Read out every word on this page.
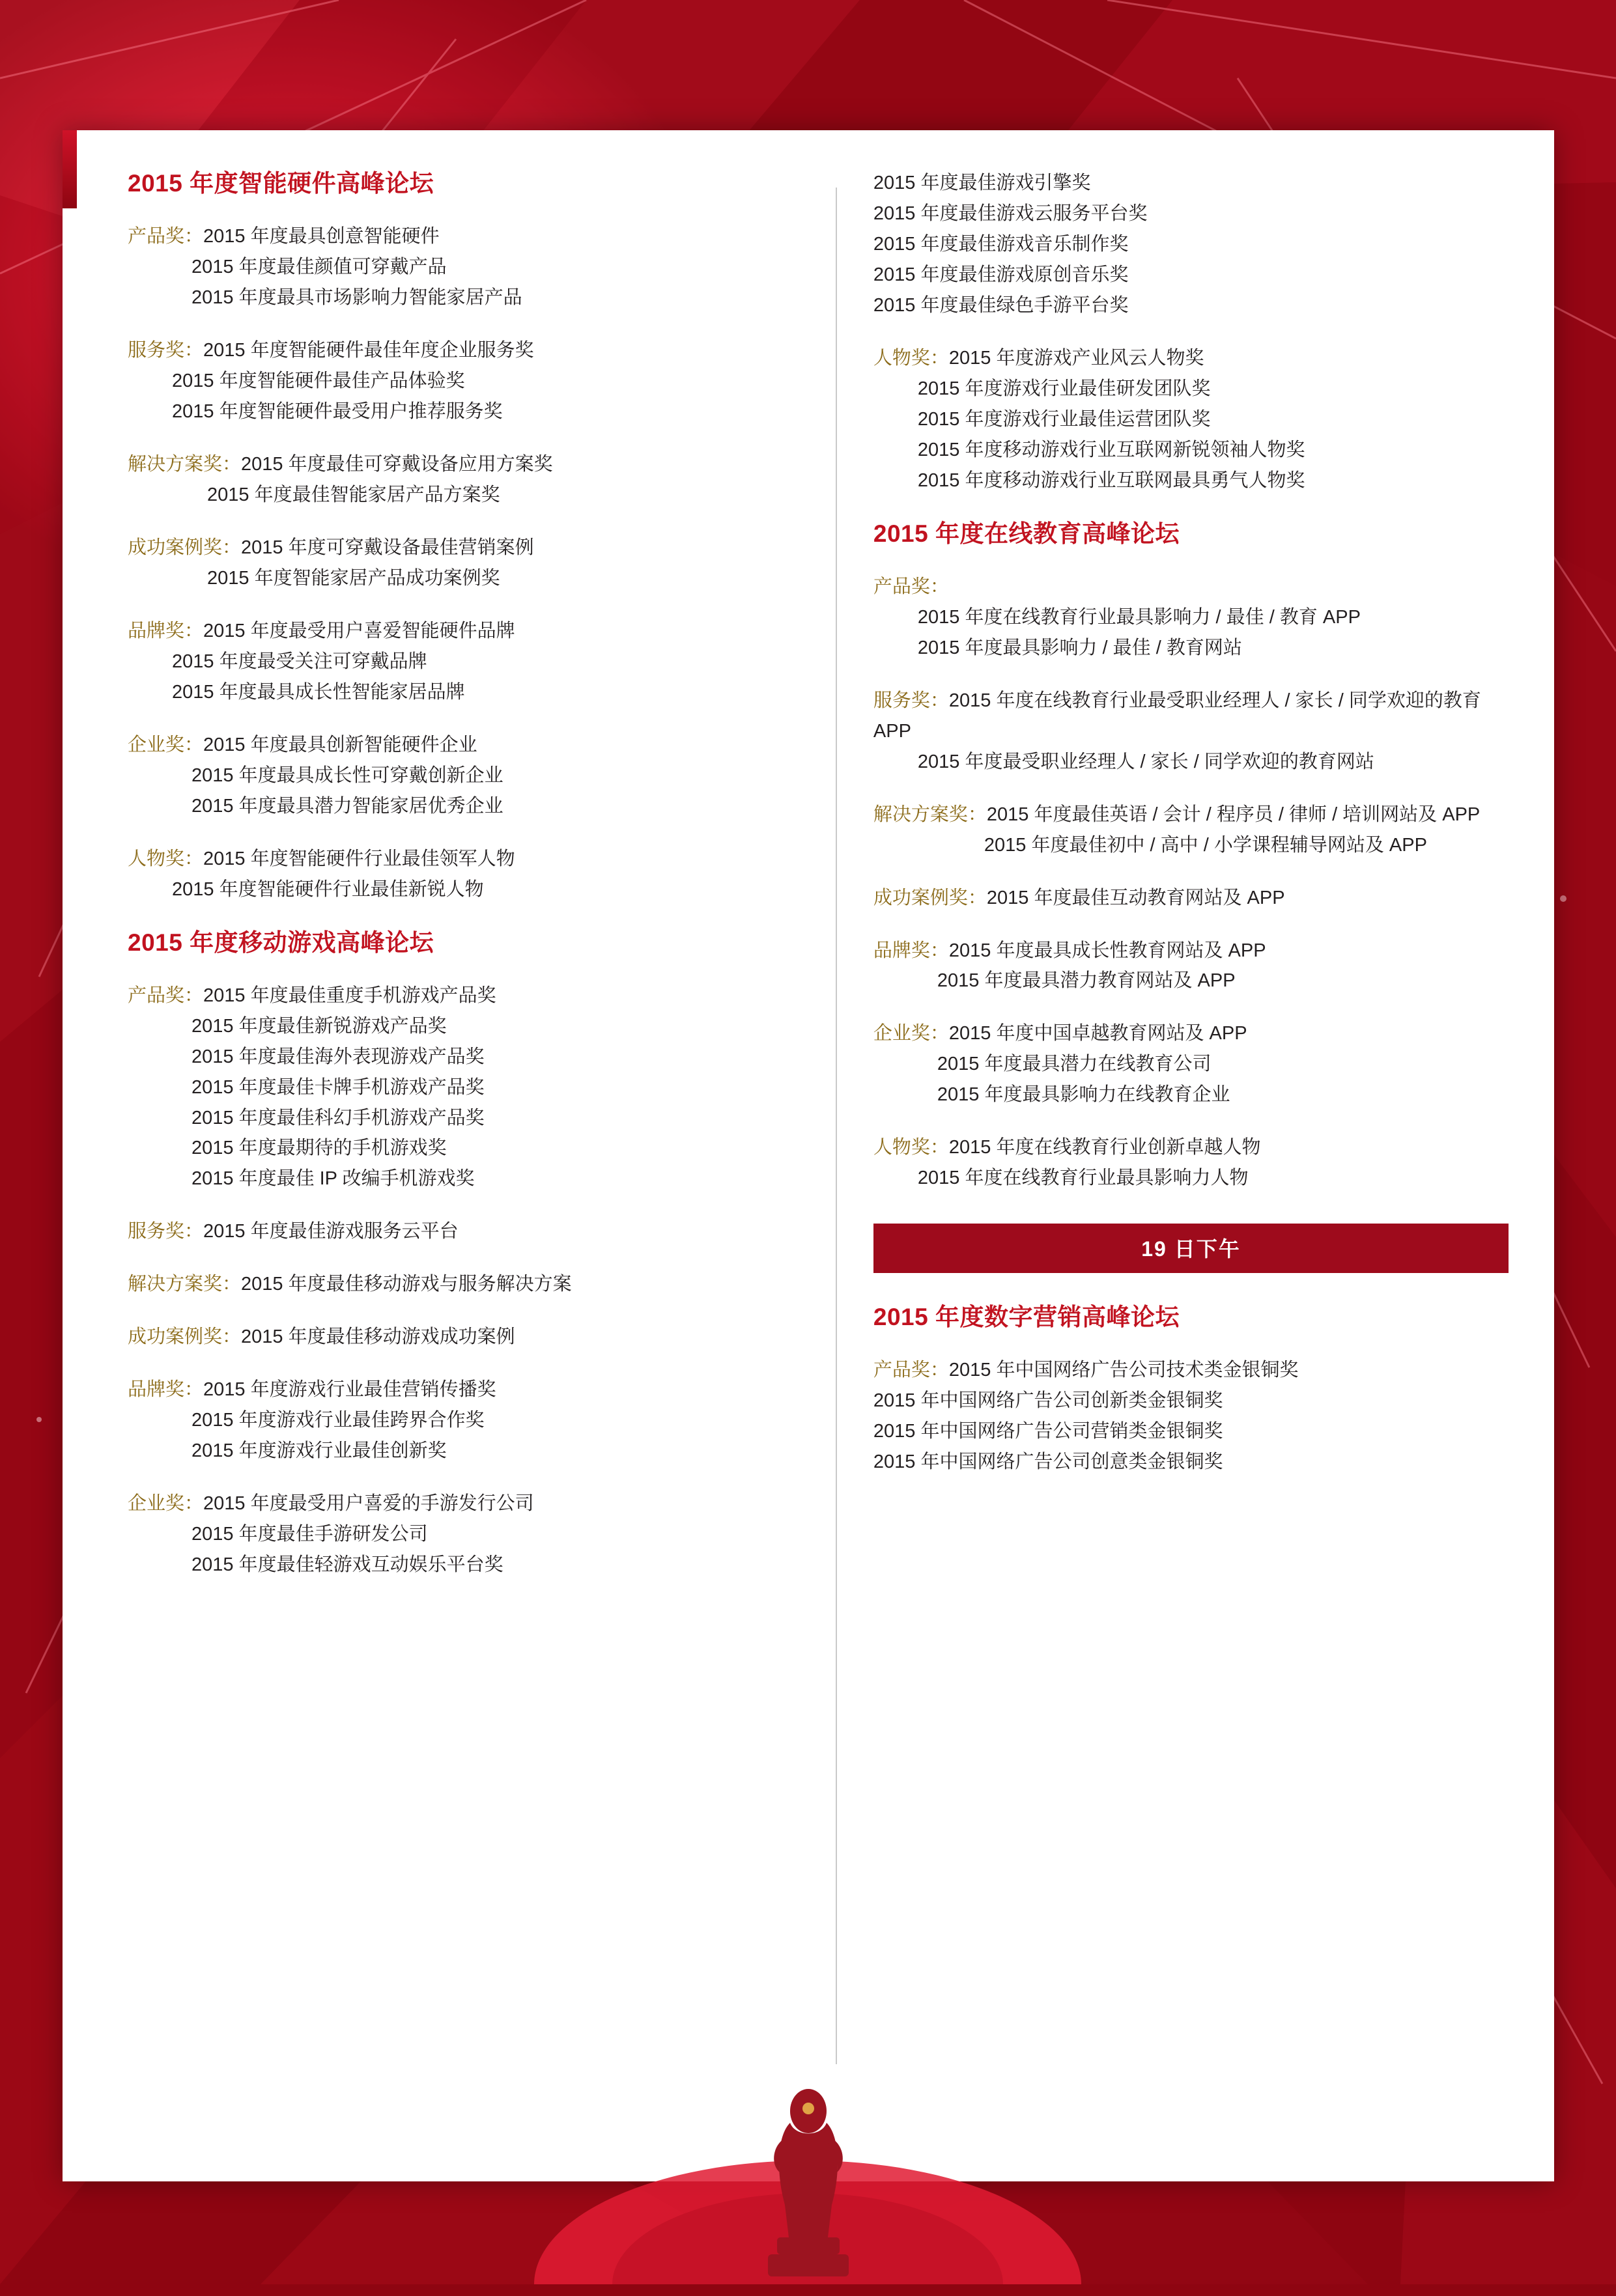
2015 年度智能硬件高峰论坛
产品奖：2015 年度最具创意智能硬件
2015 年度最佳颜值可穿戴产品
2015 年度最具市场影响力智能家居产品
服务奖：2015 年度智能硬件最佳年度企业服务奖
2015 年度智能硬件最佳产品体验奖
2015 年度智能硬件最受用户推荐服务奖
解决方案奖：2015 年度最佳可穿戴设备应用方案奖
2015 年度最佳智能家居产品方案奖
成功案例奖：2015 年度可穿戴设备最佳营销案例
2015 年度智能家居产品成功案例奖
品牌奖：2015 年度最受用户喜爱智能硬件品牌
2015 年度最受关注可穿戴品牌
2015 年度最具成长性智能家居品牌
企业奖：2015 年度最具创新智能硬件企业
2015 年度最具成长性可穿戴创新企业
2015 年度最具潜力智能家居优秀企业
人物奖：2015 年度智能硬件行业最佳领军人物
2015 年度智能硬件行业最佳新锐人物
2015 年度移动游戏高峰论坛
产品奖：2015 年度最佳重度手机游戏产品奖
2015 年度最佳新锐游戏产品奖
2015 年度最佳海外表现游戏产品奖
2015 年度最佳卡牌手机游戏产品奖
2015 年度最佳科幻手机游戏产品奖
2015 年度最期待的手机游戏奖
2015 年度最佳 IP 改编手机游戏奖
服务奖：2015 年度最佳游戏服务云平台
解决方案奖：2015 年度最佳移动游戏与服务解决方案
成功案例奖：2015 年度最佳移动游戏成功案例
品牌奖：2015 年度游戏行业最佳营销传播奖
2015 年度游戏行业最佳跨界合作奖
2015 年度游戏行业最佳创新奖
企业奖：2015 年度最受用户喜爱的手游发行公司
2015 年度最佳手游研发公司
2015 年度最佳轻游戏互动娱乐平台奖
2015 年度最佳游戏引擎奖
2015 年度最佳游戏云服务平台奖
2015 年度最佳游戏音乐制作奖
2015 年度最佳游戏原创音乐奖
2015 年度最佳绿色手游平台奖
人物奖：2015 年度游戏产业风云人物奖
2015 年度游戏行业最佳研发团队奖
2015 年度游戏行业最佳运营团队奖
2015 年度移动游戏行业互联网新锐领袖人物奖
2015 年度移动游戏行业互联网最具勇气人物奖
2015 年度在线教育高峰论坛
产品奖：
2015 年度在线教育行业最具影响力 / 最佳 / 教育 APP
2015 年度最具影响力 / 最佳 / 教育网站
服务奖：2015 年度在线教育行业最受职业经理人 / 家长 / 同学欢迎的教育 APP
2015 年度最受职业经理人 / 家长 / 同学欢迎的教育网站
解决方案奖：2015 年度最佳英语 / 会计 / 程序员 / 律师 / 培训网站及 APP
2015 年度最佳初中 / 高中 / 小学课程辅导网站及 APP
成功案例奖：2015 年度最佳互动教育网站及 APP
品牌奖：2015 年度最具成长性教育网站及 APP
2015 年度最具潜力教育网站及 APP
企业奖：2015 年度中国卓越教育网站及 APP
2015 年度最具潜力在线教育公司
2015 年度最具影响力在线教育企业
人物奖：2015 年度在线教育行业创新卓越人物
2015 年度在线教育行业最具影响力人物
19 日下午
2015 年度数字营销高峰论坛
产品奖：2015 年中国网络广告公司技术类金银铜奖
2015 年中国网络广告公司创新类金银铜奖
2015 年中国网络广告公司营销类金银铜奖
2015 年中国网络广告公司创意类金银铜奖
